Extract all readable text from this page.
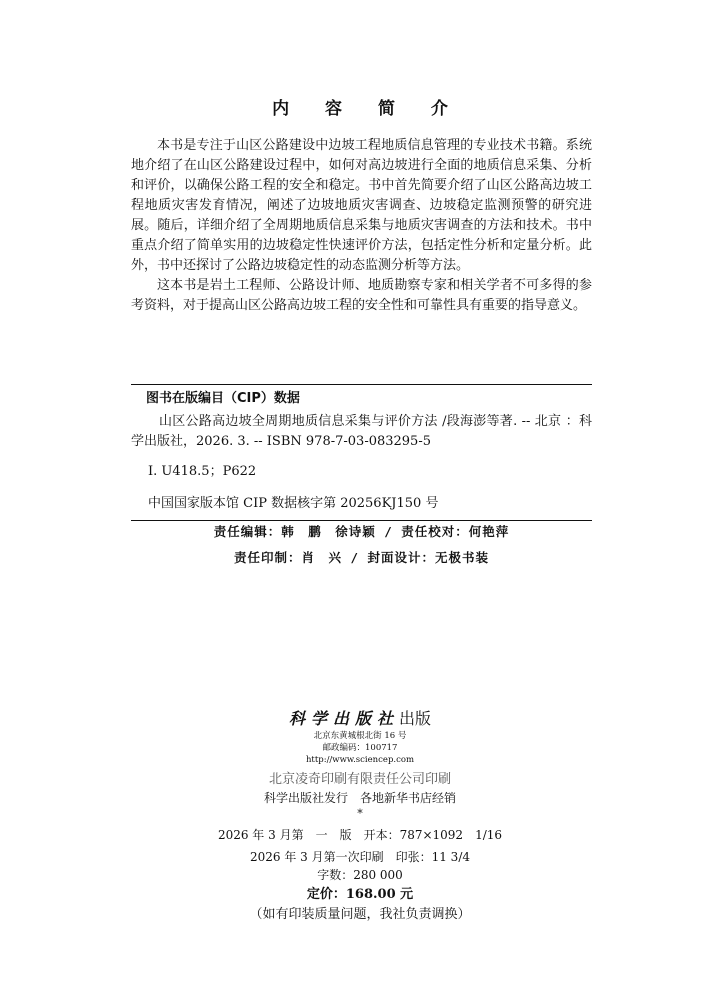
内 容 简 介

本书是专注于山区公路建设中边坡工程地质信息管理的专业技术书籍。系统地介绍了在山区公路建设过程中，如何对高边坡进行全面的地质信息采集、分析和评价，以确保公路工程的安全和稳定。书中首先简要介绍了山区公路高边坡工程地质灾害发育情况，阐述了边坡地质灾害调查、边坡稳定监测预警的研究进展。随后，详细介绍了全周期地质信息采集与地质灾害调查的方法和技术。书中重点介绍了简单实用的边坡稳定性快速评价方法，包括定性分析和定量分析。此外，书中还探讨了公路边坡稳定性的动态监测分析等方法。

这本书是岩土工程师、公路设计师、地质勘察专家和相关学者不可多得的参考资料，对于提高山区公路高边坡工程的安全性和可靠性具有重要的指导意义。

图书在版编目（CIP）数据

山区公路高边坡全周期地质信息采集与评价方法 /段海澎等著. -- 北京 ：科学出版社，2026. 3. -- ISBN 978-7-03-083295-5

Ⅰ. U418.5；P622
中国国家版本馆 CIP 数据核字第 20256KJ150 号
责任编辑：韩　鹏　徐诗颖 / 责任校对：何艳萍
责任印制：肖　兴 / 封面设计：无极书装
科学出版社出版
北京东黄城根北街 16 号
邮政编码：100717
http://www.sciencep.com
北京凌奇印刷有限责任公司印刷
科学出版社发行　各地新华书店经销
*
2026 年 3 月第　一　版　开本：787×1092　1/16
2026 年 3 月第一次印刷　印张：11 3/4
字数：280 000
定价：168.00 元
（如有印装质量问题，我社负责调换）
